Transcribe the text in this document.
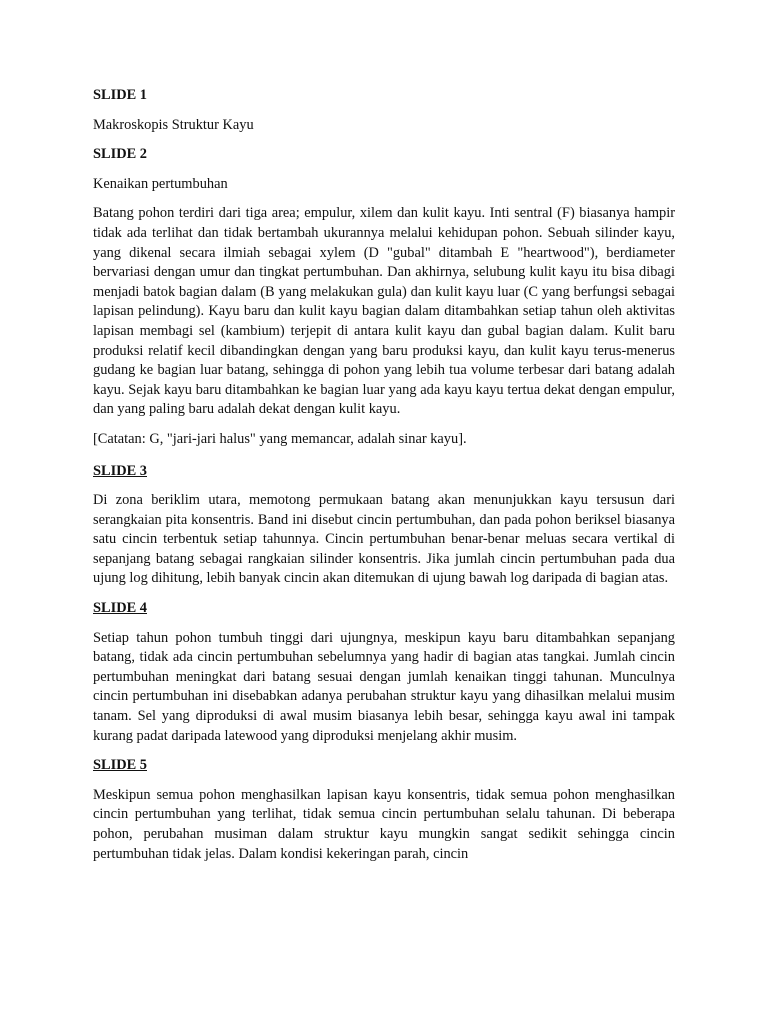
SLIDE 1
Makroskopis Struktur Kayu
SLIDE 2
Kenaikan pertumbuhan

Batang pohon terdiri dari tiga area; empulur, xilem dan kulit kayu. Inti sentral (F) biasanya hampir tidak ada terlihat dan tidak bertambah ukurannya melalui kehidupan pohon. Sebuah silinder kayu, yang dikenal secara ilmiah sebagai xylem (D "gubal" ditambah E "heartwood"), berdiameter bervariasi dengan umur dan tingkat pertumbuhan. Dan akhirnya, selubung kulit kayu itu bisa dibagi menjadi batok bagian dalam (B yang melakukan gula) dan kulit kayu luar (C yang berfungsi sebagai lapisan pelindung). Kayu baru dan kulit kayu bagian dalam ditambahkan setiap tahun oleh aktivitas lapisan membagi sel (kambium) terjepit di antara kulit kayu dan gubal bagian dalam. Kulit baru produksi relatif kecil dibandingkan dengan yang baru produksi kayu, dan kulit kayu terus-menerus gudang ke bagian luar batang, sehingga di pohon yang lebih tua volume terbesar dari batang adalah kayu. Sejak kayu baru ditambahkan ke bagian luar yang ada kayu kayu tertua dekat dengan empulur, dan yang paling baru adalah dekat dengan kulit kayu.

[Catatan: G, "jari-jari halus" yang memancar, adalah sinar kayu].

SLIDE 3

Di zona beriklim utara, memotong permukaan batang akan menunjukkan kayu tersusun dari serangkaian pita konsentris. Band ini disebut cincin pertumbuhan, dan pada pohon beriksel biasanya satu cincin terbentuk setiap tahunnya. Cincin pertumbuhan benar-benar meluas secara vertikal di sepanjang batang sebagai rangkaian silinder konsentris. Jika jumlah cincin pertumbuhan pada dua ujung log dihitung, lebih banyak cincin akan ditemukan di ujung bawah log daripada di bagian atas.

SLIDE 4

Setiap tahun pohon tumbuh tinggi dari ujungnya, meskipun kayu baru ditambahkan sepanjang batang, tidak ada cincin pertumbuhan sebelumnya yang hadir di bagian atas tangkai. Jumlah cincin pertumbuhan meningkat dari batang sesuai dengan jumlah kenaikan tinggi tahunan. Munculnya cincin pertumbuhan ini disebabkan adanya perubahan struktur kayu yang dihasilkan melalui musim tanam. Sel yang diproduksi di awal musim biasanya lebih besar, sehingga kayu awal ini tampak kurang padat daripada latewood yang diproduksi menjelang akhir musim.

SLIDE 5

Meskipun semua pohon menghasilkan lapisan kayu konsentris, tidak semua pohon menghasilkan cincin pertumbuhan yang terlihat, tidak semua cincin pertumbuhan selalu tahunan. Di beberapa pohon, perubahan musiman dalam struktur kayu mungkin sangat sedikit sehingga cincin pertumbuhan tidak jelas. Dalam kondisi kekeringan parah, cincin
